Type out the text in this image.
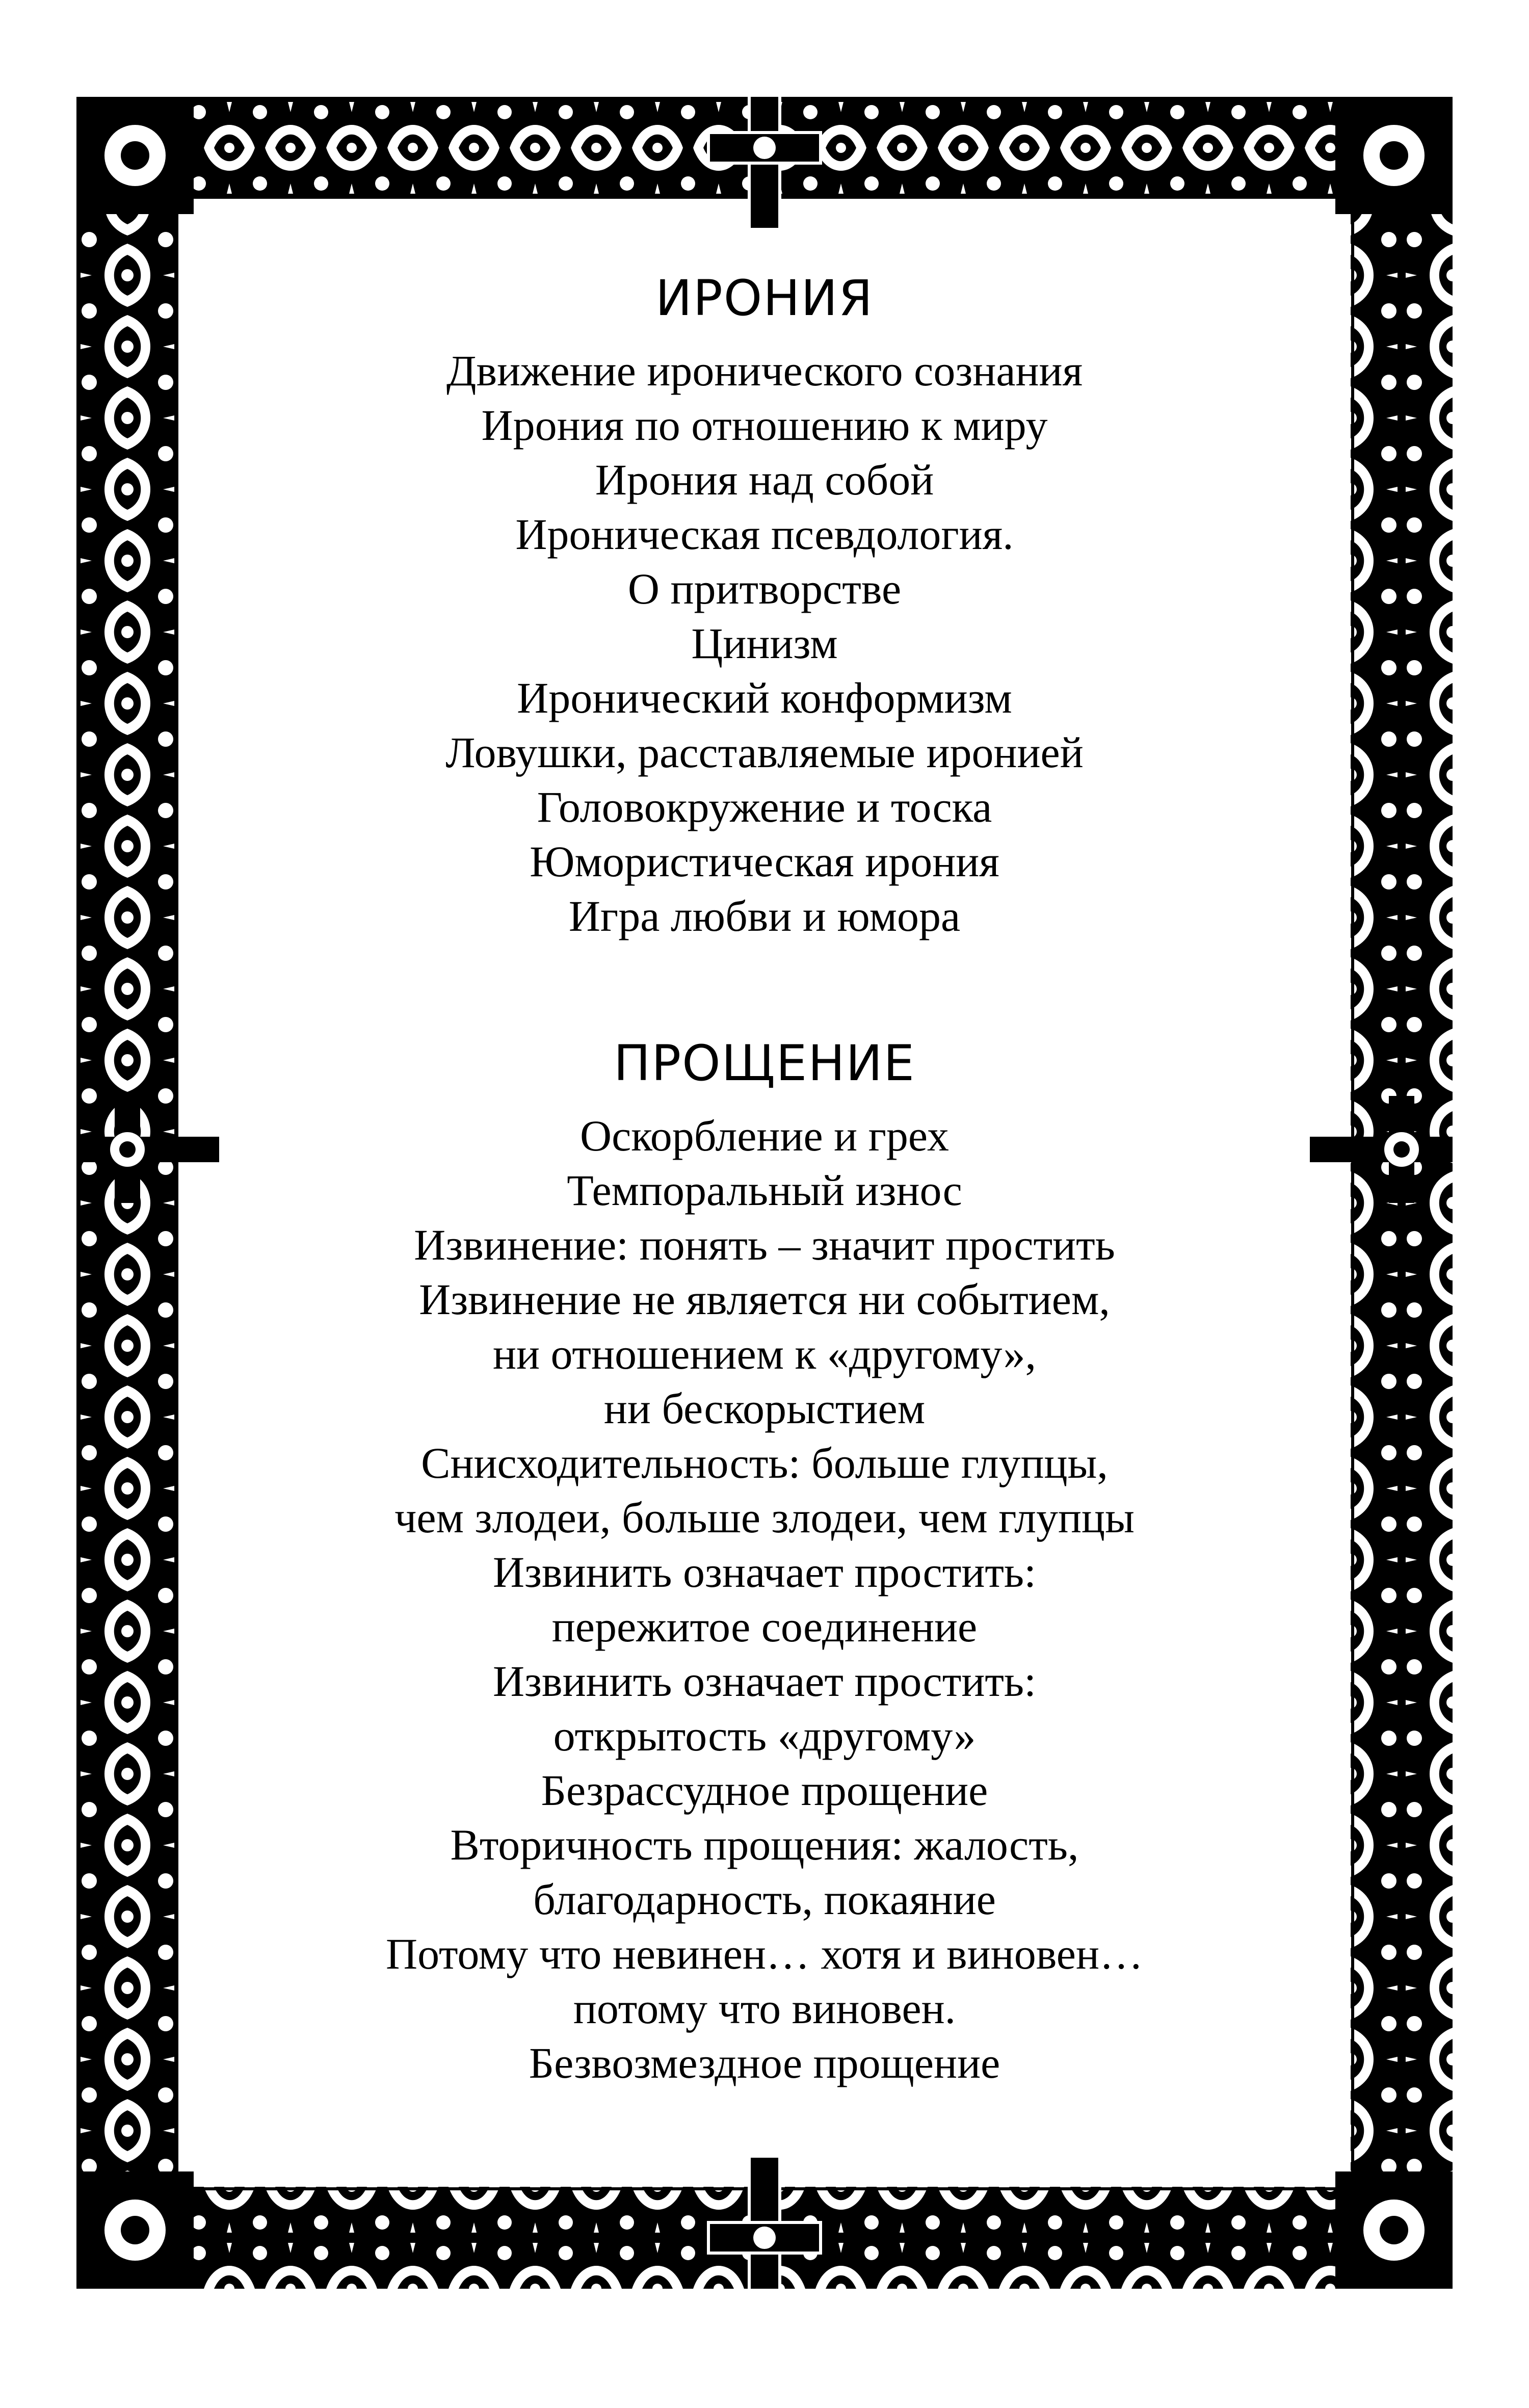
ИРОНИЯ
Движение иронического сознания
Ирония по отношению к миру
Ирония над собой
Ироническая псевдология.
О притворстве
Цинизм
Иронический конформизм
Ловушки, расставляемые иронией
Головокружение и тоска
Юмористическая ирония
Игра любви и юмора
ПРОЩЕНИЕ
Оскорбление и грех
Темпоральный износ
Извинение: понять – значит простить
Извинение не является ни событием,
ни отношением к «другому»,
ни бескорыстием
Снисходительность: больше глупцы,
чем злодеи, больше злодеи, чем глупцы
Извинить означает простить:
пережитое соединение
Извинить означает простить:
открытость «другому»
Безрассудное прощение
Вторичность прощения: жалость,
благодарность, покаяние
Потому что невинен… хотя и виновен…
потому что виновен.
Безвозмездное прощение
